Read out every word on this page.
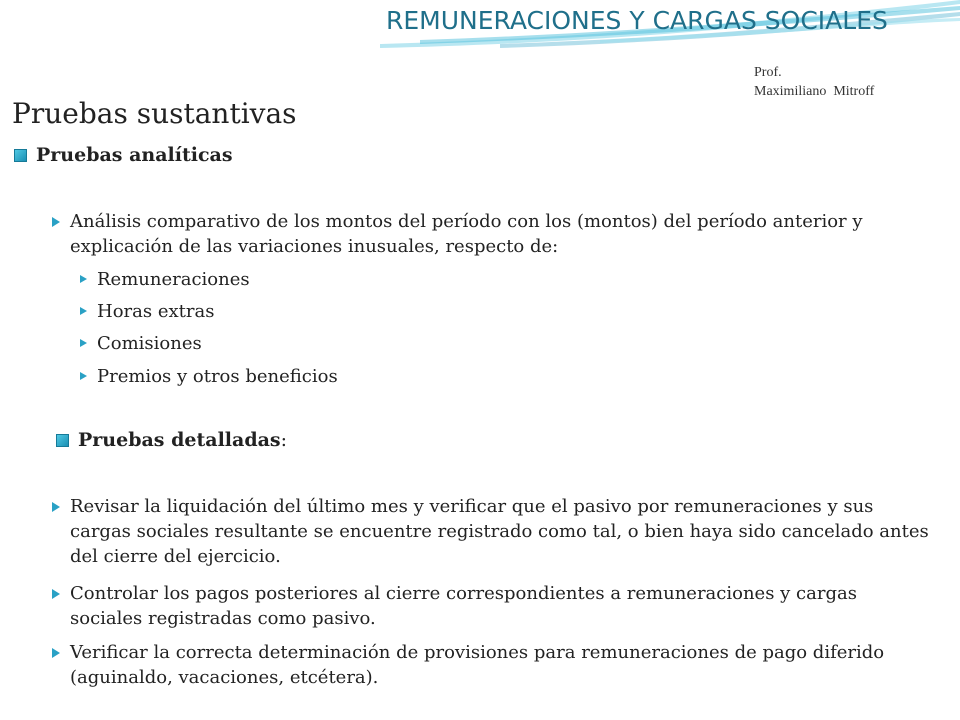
REMUNERACIONES Y CARGAS SOCIALES
Prof.
Maximiliano  Mitroff
Pruebas sustantivas
Pruebas analíticas
Análisis comparativo de los montos del período con los (montos) del período anterior y explicación de las variaciones inusuales, respecto de:
Remuneraciones
Horas extras
Comisiones
Premios y otros beneficios
Pruebas detalladas :
Revisar la liquidación del último mes y verificar que el pasivo por remuneraciones y sus cargas sociales resultante se encuentre registrado como tal, o bien haya sido cancelado antes del cierre del ejercicio.
Controlar los pagos posteriores al cierre correspondientes a remuneraciones y cargas sociales registradas como pasivo.
Verificar la correcta determinación de provisiones para remuneraciones de pago diferido (aguinaldo, vacaciones, etcétera).
